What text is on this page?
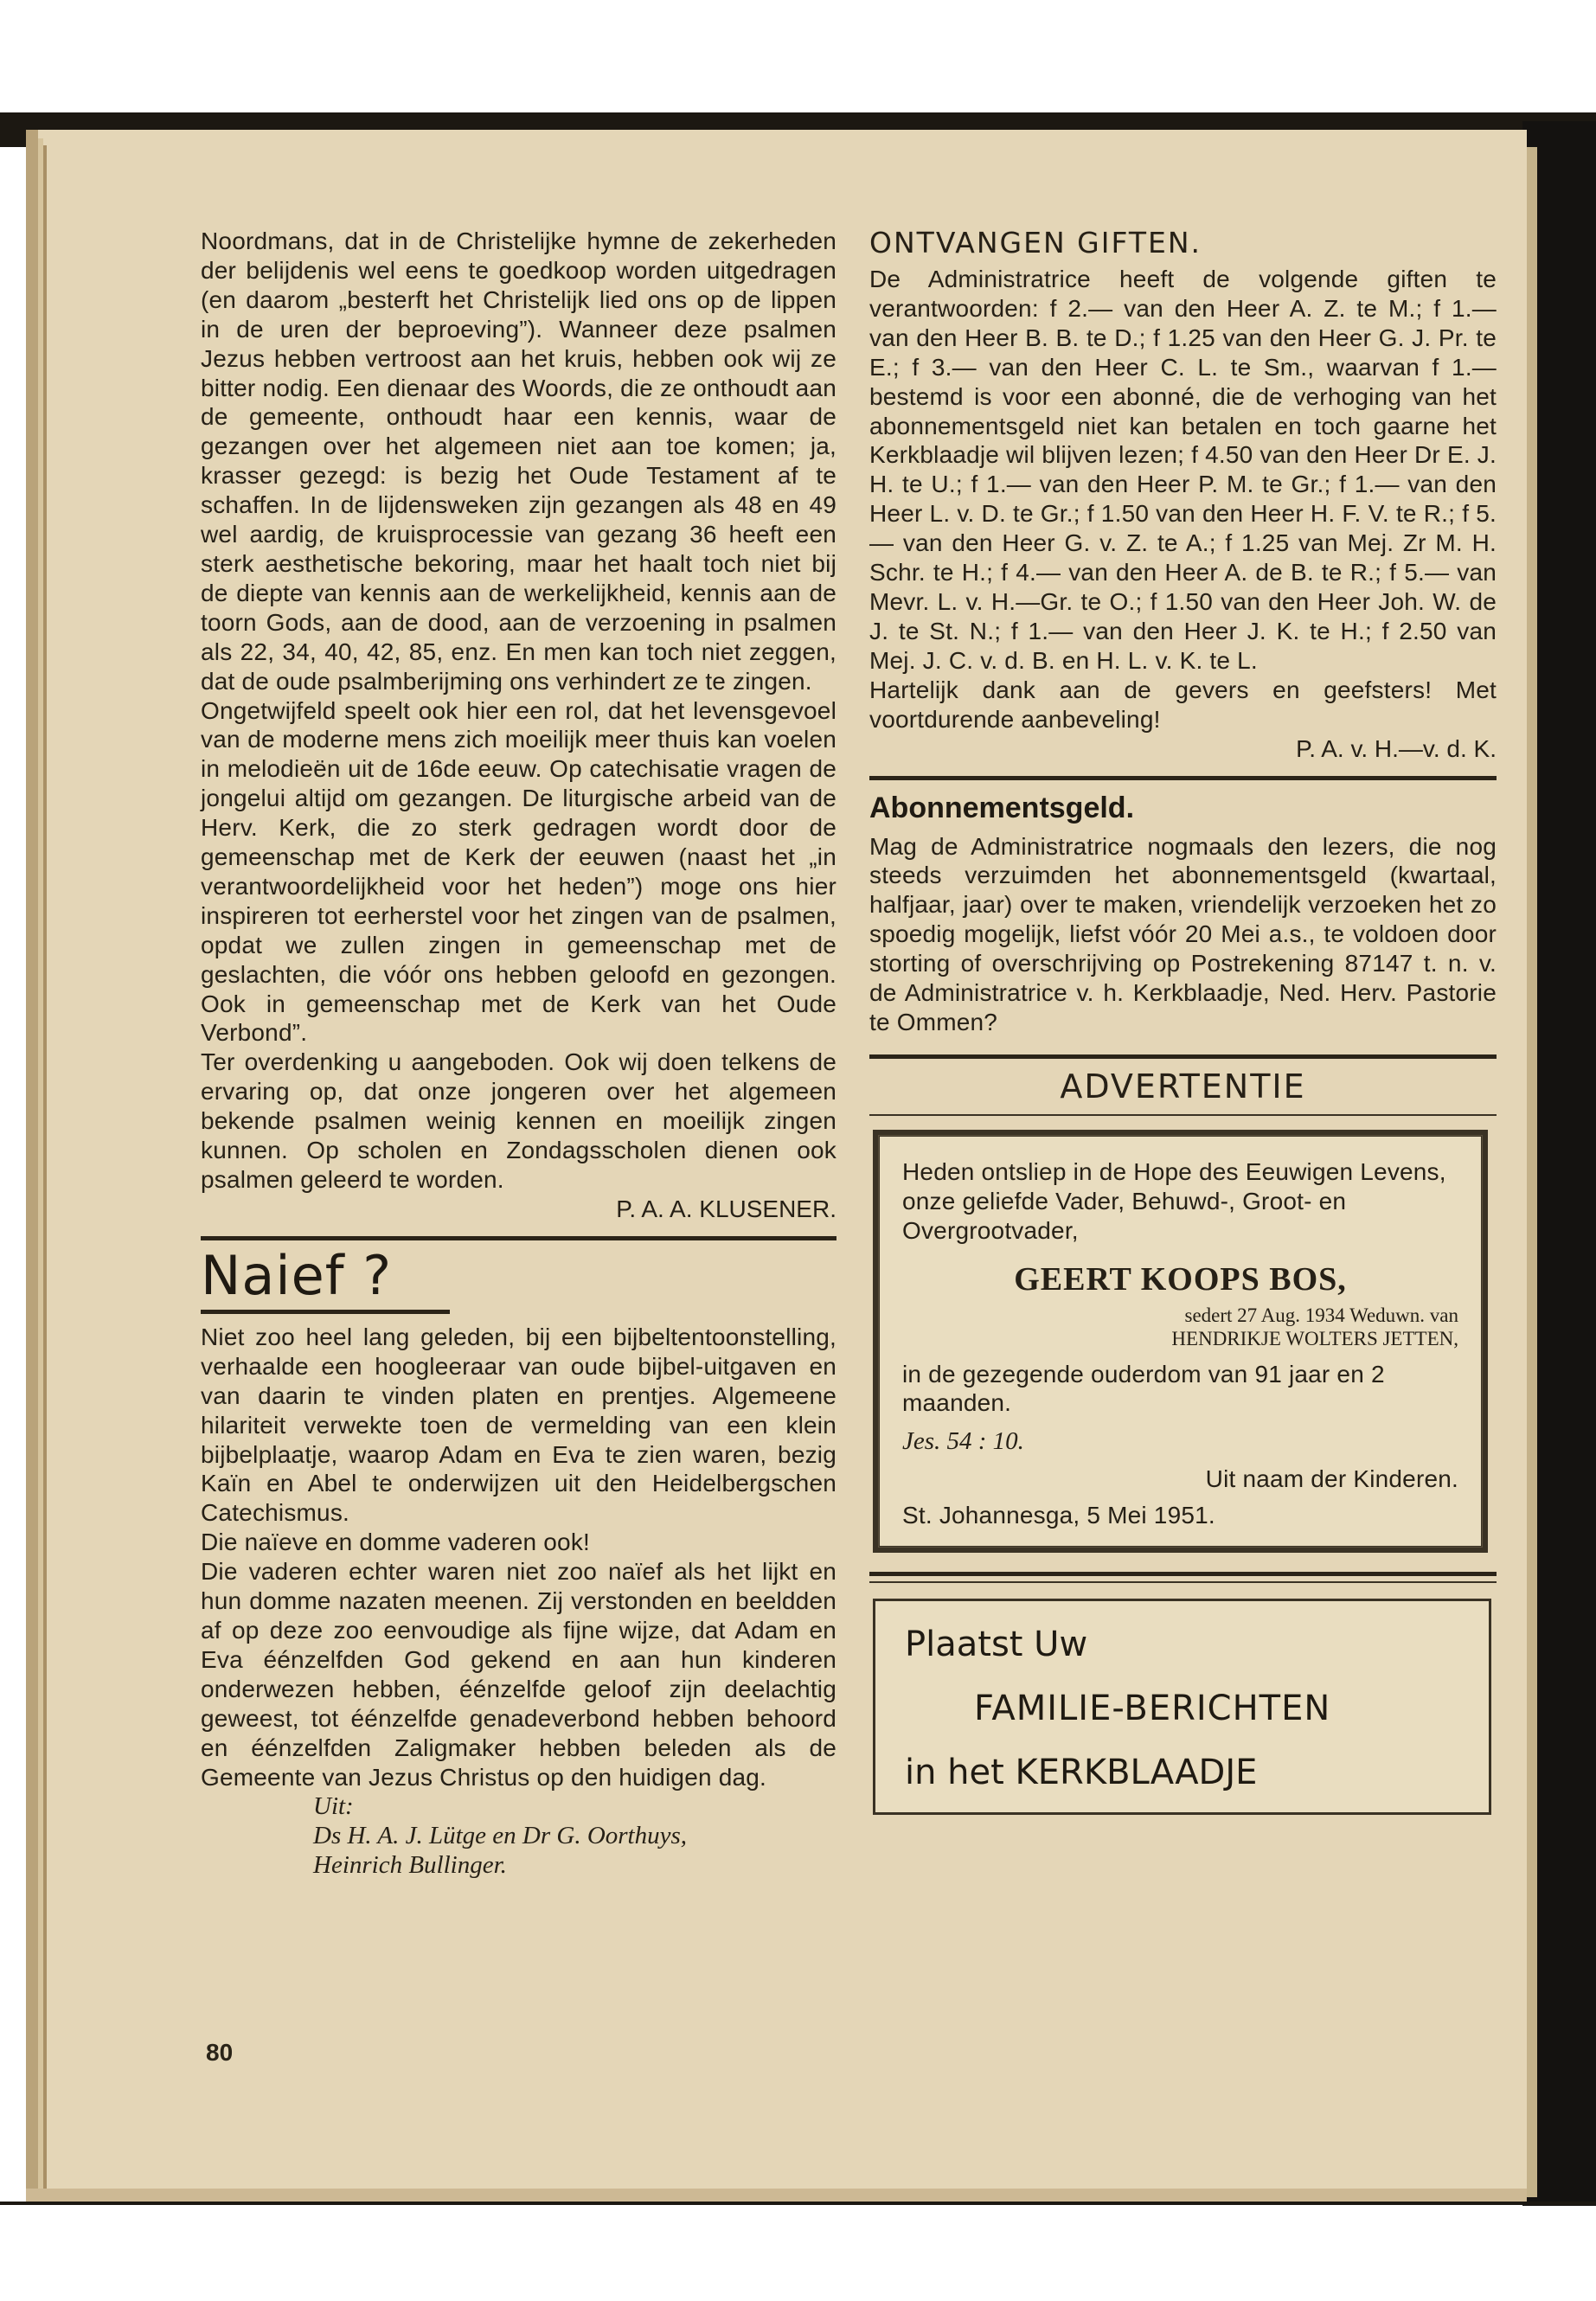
Noordmans, dat in de Christelijke hymne de zekerheden der belijdenis wel eens te goedkoop worden uitgedragen (en daarom „besterft het Christelijk lied ons op de lippen in de uren der beproeving”). Wanneer deze psalmen Jezus hebben vertroost aan het kruis, hebben ook wij ze bitter nodig. Een dienaar des Woords, die ze onthoudt aan de gemeente, onthoudt haar een kennis, waar de gezangen over het algemeen niet aan toe komen; ja, krasser gezegd: is bezig het Oude Testament af te schaffen. In de lijdensweken zijn gezangen als 48 en 49 wel aardig, de kruisprocessie van gezang 36 heeft een sterk aesthetische bekoring, maar het haalt toch niet bij de diepte van kennis aan de werkelijkheid, kennis aan de toorn Gods, aan de dood, aan de verzoening in psalmen als 22, 34, 40, 42, 85, enz. En men kan toch niet zeggen, dat de oude psalmberijming ons verhindert ze te zingen.

Ongetwijfeld speelt ook hier een rol, dat het levensgevoel van de moderne mens zich moeilijk meer thuis kan voelen in melodieën uit de 16de eeuw. Op catechisatie vragen de jongelui altijd om gezangen. De liturgische arbeid van de Herv. Kerk, die zo sterk gedragen wordt door de gemeenschap met de Kerk der eeuwen (naast het „in verantwoordelijkheid voor het heden”) moge ons hier inspireren tot eerherstel voor het zingen van de psalmen, opdat we zullen zingen in gemeenschap met de geslachten, die vóór ons hebben geloofd en gezongen. Ook in gemeenschap met de Kerk van het Oude Verbond”.

Ter overdenking u aangeboden. Ook wij doen telkens de ervaring op, dat onze jongeren over het algemeen bekende psalmen weinig kennen en moeilijk zingen kunnen. Op scholen en Zondagsscholen dienen ook psalmen geleerd te worden.

P. A. A. KLUSENER.

Naief ?

Niet zoo heel lang geleden, bij een bijbeltentoonstelling, verhaalde een hoogleeraar van oude bijbel-uitgaven en van daarin te vinden platen en prentjes. Algemeene hilariteit verwekte toen de vermelding van een klein bijbelplaatje, waarop Adam en Eva te zien waren, bezig Kaïn en Abel te onderwijzen uit den Heidelbergschen Catechismus.

Die naïeve en domme vaderen ook!

Die vaderen echter waren niet zoo naïef als het lijkt en hun domme nazaten meenen. Zij verstonden en beeldden af op deze zoo eenvoudige als fijne wijze, dat Adam en Eva éénzelfden God gekend en aan hun kinderen onderwezen hebben, éénzelfde geloof zijn deelachtig geweest, tot éénzelfde genadeverbond hebben behoord en éénzelfden Zaligmaker hebben beleden als de Gemeente van Jezus Christus op den huidigen dag.

Uit:
Ds H. A. J. Lütge en Dr G. Oorthuys,
Heinrich Bullinger.
80
ONTVANGEN GIFTEN.

De Administratrice heeft de volgende giften te verantwoorden: f 2.— van den Heer A. Z. te M.; f 1.— van den Heer B. B. te D.; f 1.25 van den Heer G. J. Pr. te E.; f 3.— van den Heer C. L. te Sm., waarvan f 1.— bestemd is voor een abonné, die de verhoging van het abonnementsgeld niet kan betalen en toch gaarne het Kerkblaadje wil blijven lezen; f 4.50 van den Heer Dr E. J. H. te U.; f 1.— van den Heer P. M. te Gr.; f 1.— van den Heer L. v. D. te Gr.; f 1.50 van den Heer H. F. V. te R.; f 5.— van den Heer G. v. Z. te A.; f 1.25 van Mej. Zr M. H. Schr. te H.; f 4.— van den Heer A. de B. te R.; f 5.— van Mevr. L. v. H.—Gr. te O.; f 1.50 van den Heer Joh. W. de J. te St. N.; f 1.— van den Heer J. K. te H.; f 2.50 van Mej. J. C. v. d. B. en H. L. v. K. te L.

Hartelijk dank aan de gevers en geefsters! Met voortdurende aanbeveling!

P. A. v. H.—v. d. K.

Abonnementsgeld.

Mag de Administratrice nogmaals den lezers, die nog steeds verzuimden het abonnementsgeld (kwartaal, halfjaar, jaar) over te maken, vriendelijk verzoeken het zo spoedig mogelijk, liefst vóór 20 Mei a.s., te voldoen door storting of overschrijving op Postrekening 87147 t. n. v. de Administratrice v. h. Kerkblaadje, Ned. Herv. Pastorie te Ommen?

ADVERTENTIE

Heden ontsliep in de Hope des Eeuwigen Levens, onze geliefde Vader, Behuwd-, Groot- en Overgrootvader,

GEERT KOOPS BOS,
sedert 27 Aug. 1934 Weduwn. van
HENDRIKJE WOLTERS JETTEN,

in de gezegende ouderdom van 91 jaar en 2 maanden.

Jes. 54 : 10.
Uit naam der Kinderen.
St. Johannesga, 5 Mei 1951.
Plaatst Uw
FAMILIE-BERICHTEN
in het KERKBLAADJE
